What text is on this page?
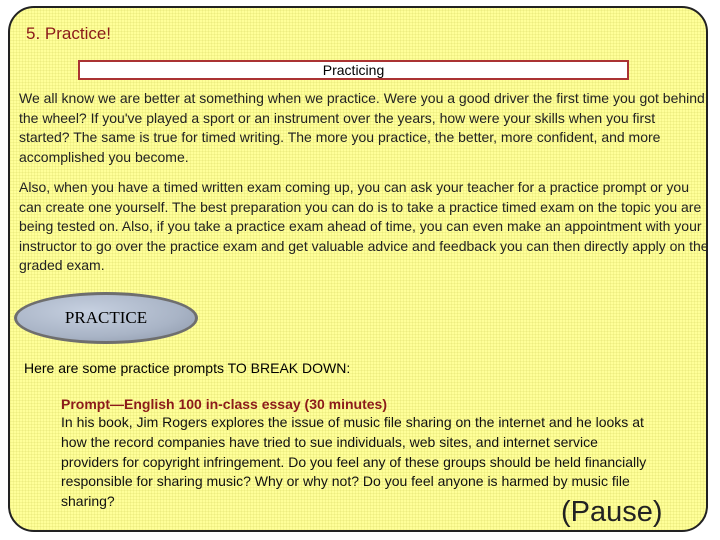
5. Practice!
Practicing
We all know we are better at something when we practice. Were you a good driver the first time you got behind the wheel? If you've played a sport or an instrument over the years, how were your skills when you first started? The same is true for timed writing. The more you practice, the better, more confident, and more accomplished you become.
Also, when you have a timed written exam coming up, you can ask your teacher for a practice prompt or you can create one yourself. The best preparation you can do is to take a practice timed exam on the topic you are being tested on. Also, if you take a practice exam ahead of time, you can even make an appointment with your instructor to go over the practice exam and get valuable advice and feedback you can then directly apply on the graded exam.
PRACTICE
Here are some practice prompts TO BREAK DOWN:
Prompt—English 100 in-class essay (30 minutes)
In his book, Jim Rogers explores the issue of music file sharing on the internet and he looks at how the record companies have tried to sue individuals, web sites, and internet service providers for copyright infringement. Do you feel any of these groups should be held financially responsible for sharing music? Why or why not? Do you feel anyone is harmed by music file sharing?	(Pause)
